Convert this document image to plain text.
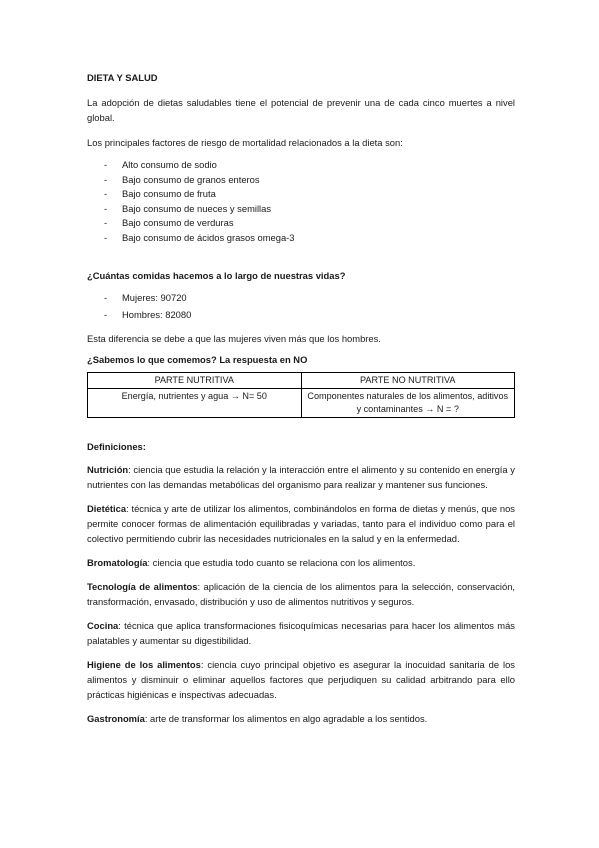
DIETA Y SALUD

La adopción de dietas saludables tiene el potencial de prevenir una de cada cinco muertes a nivel global.

Los principales factores de riesgo de mortalidad relacionados a la dieta son:

- Alto consumo de sodio
- Bajo consumo de granos enteros
- Bajo consumo de fruta
- Bajo consumo de nueces y semillas
- Bajo consumo de verduras
- Bajo consumo de ácidos grasos omega-3

¿Cuántas comidas hacemos a lo largo de nuestras vidas?

- Mujeres: 90720
- Hombres: 82080

Esta diferencia se debe a que las mujeres viven más que los hombres.

¿Sabemos lo que comemos? La respuesta en NO

PARTE NUTRITIVA	PARTE NO NUTRITIVA
Energía, nutrientes y agua → N= 50	Componentes naturales de los alimentos, aditivos y contaminantes → N = ?

Definiciones:

Nutrición: ciencia que estudia la relación y la interacción entre el alimento y su contenido en energía y nutrientes con las demandas metabólicas del organismo para realizar y mantener sus funciones.

Dietética: técnica y arte de utilizar los alimentos, combinándolos en forma de dietas y menús, que nos permite conocer formas de alimentación equilibradas y variadas, tanto para el individuo como para el colectivo permitiendo cubrir las necesidades nutricionales en la salud y en la enfermedad.

Bromatología: ciencia que estudia todo cuanto se relaciona con los alimentos.

Tecnología de alimentos: aplicación de la ciencia de los alimentos para la selección, conservación, transformación, envasado, distribución y uso de alimentos nutritivos y seguros.

Cocina: técnica que aplica transformaciones fisicoquímicas necesarias para hacer los alimentos más palatables y aumentar su digestibilidad.

Higiene de los alimentos: ciencia cuyo principal objetivo es asegurar la inocuidad sanitaria de los alimentos y disminuir o eliminar aquellos factores que perjudiquen su calidad arbitrando para ello prácticas higiénicas e inspectivas adecuadas.

Gastronomía: arte de transformar los alimentos en algo agradable a los sentidos.
